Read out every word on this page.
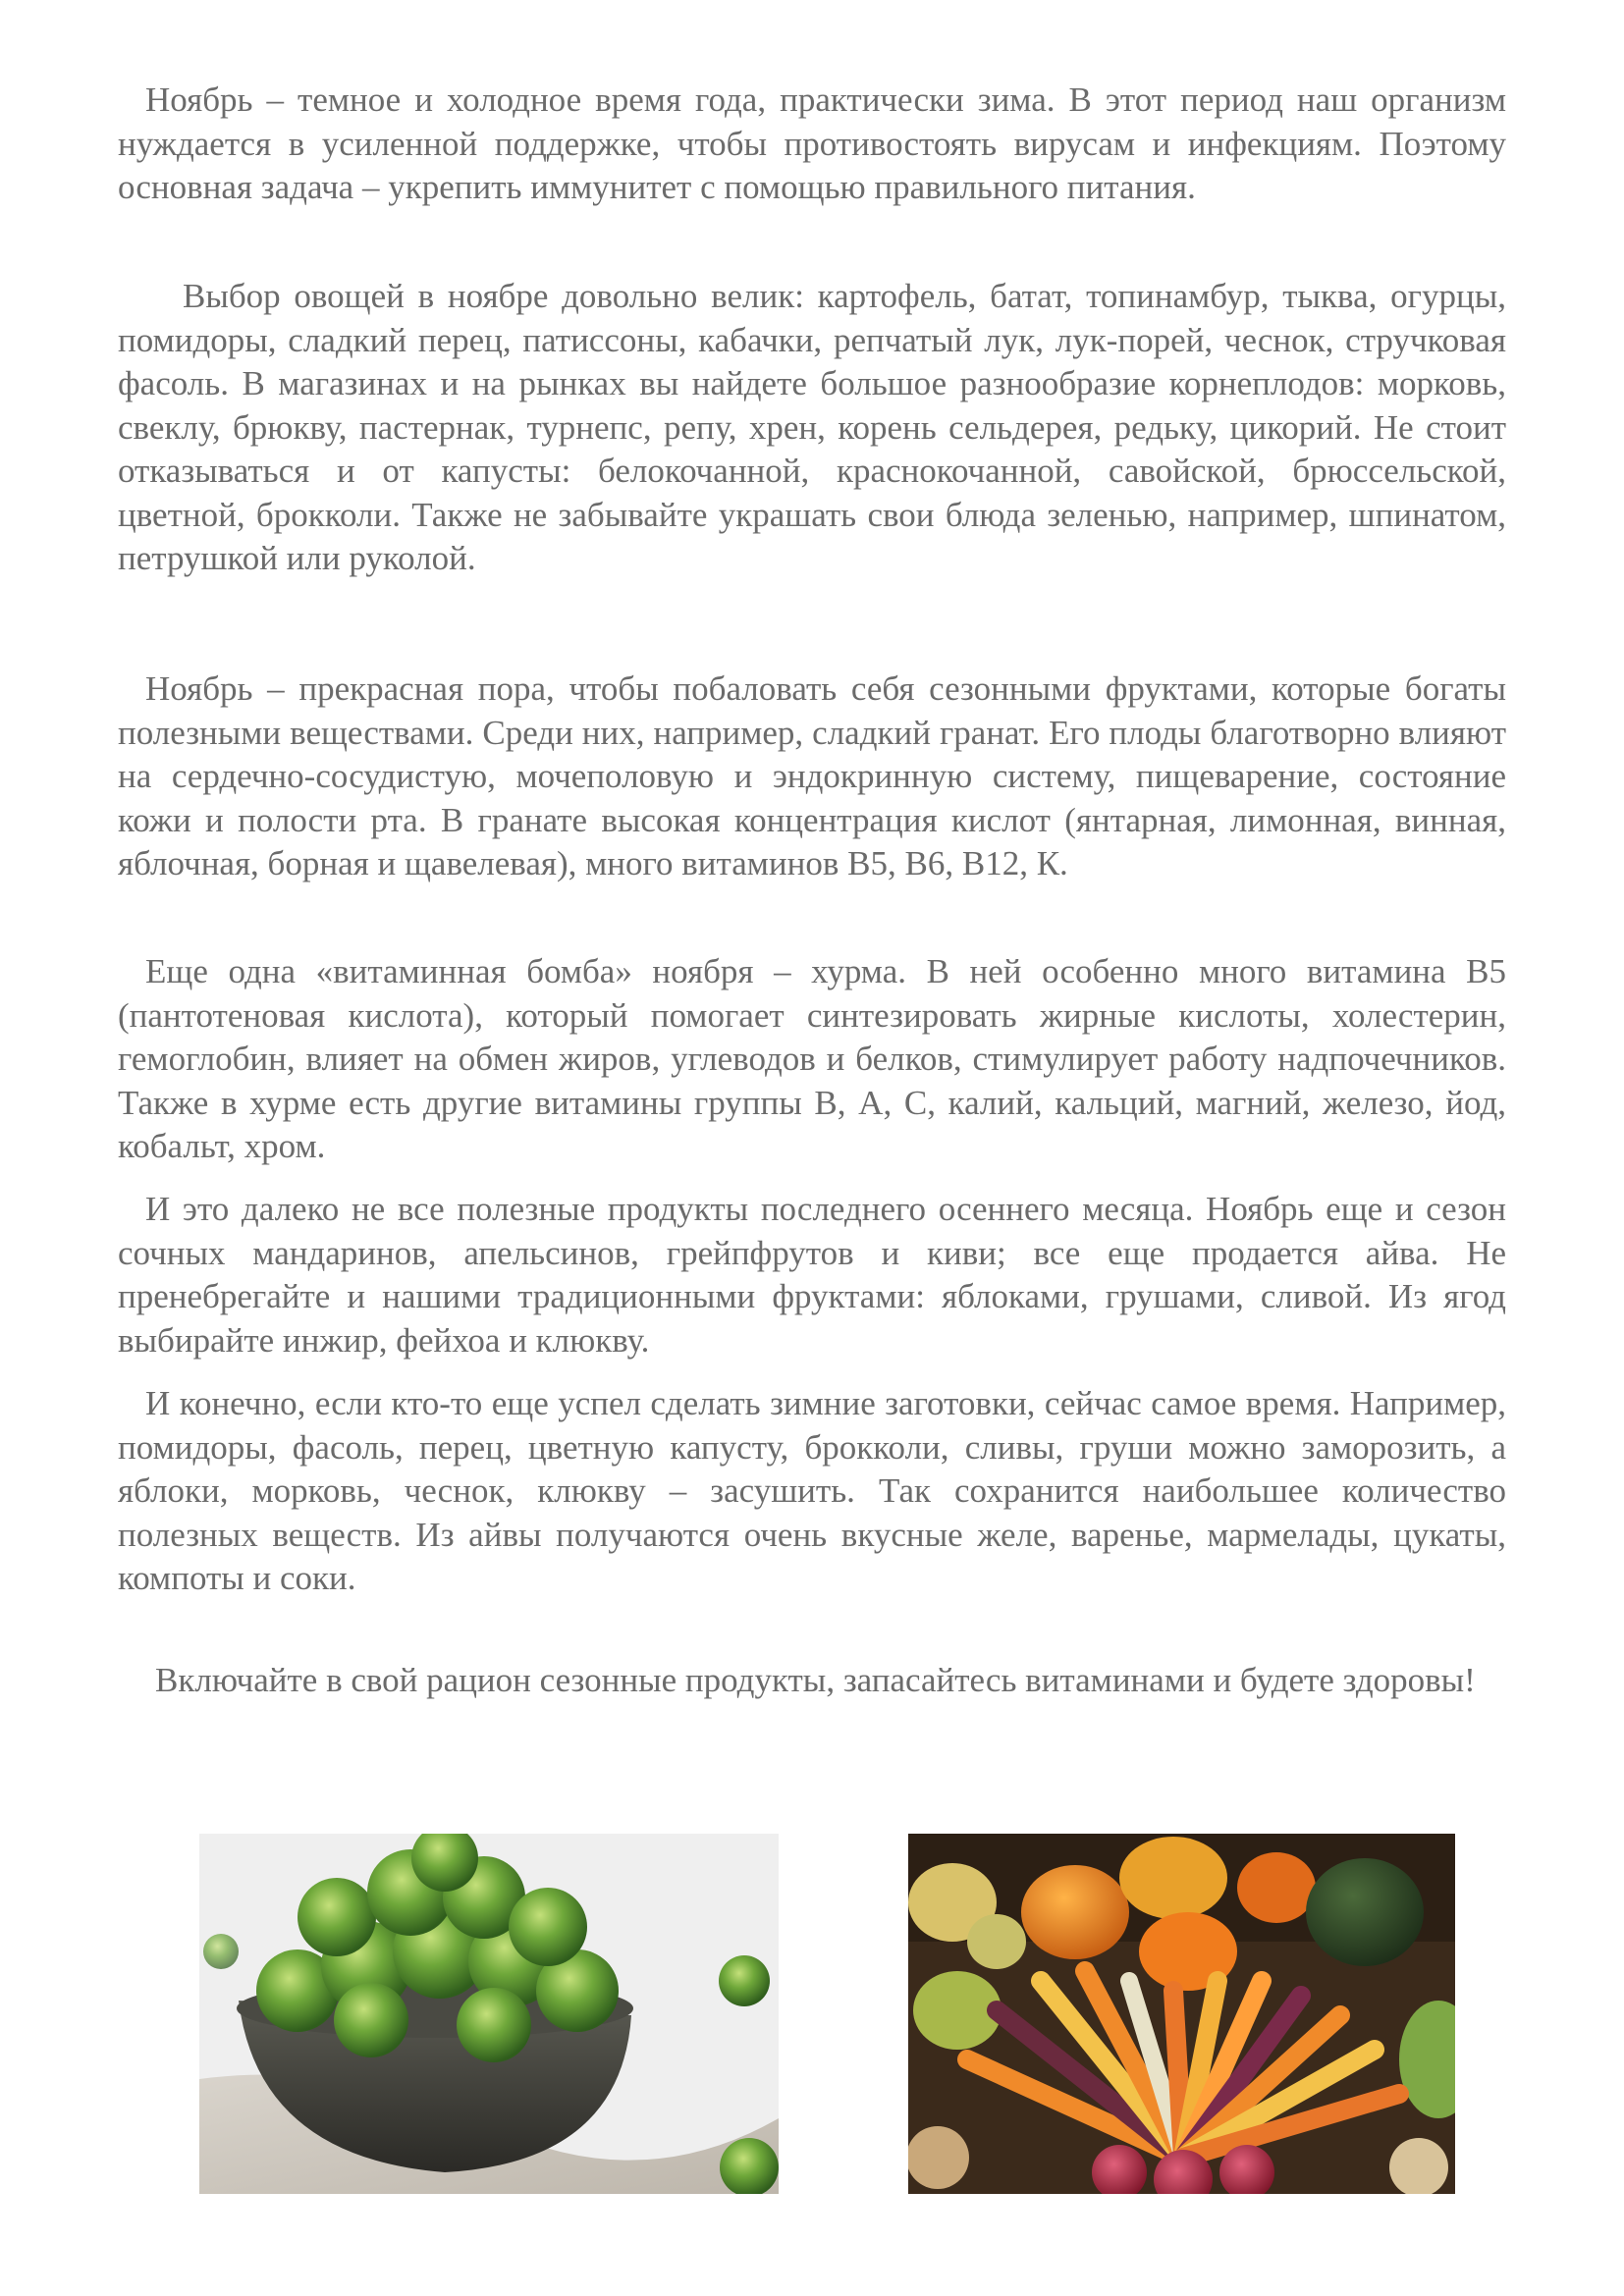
Ноябрь – темное и холодное время года, практически зима. В этот период наш организм нуждается в усиленной поддержке, чтобы противостоять вирусам и инфекциям. Поэтому основная задача – укрепить иммунитет с помощью правильного питания.

Выбор овощей в ноябре довольно велик: картофель, батат, топинамбур, тыква, огурцы, помидоры, сладкий перец, патиссоны, кабачки, репчатый лук, лук-порей, чеснок, стручковая фасоль. В магазинах и на рынках вы найдете большое разнообразие корнеплодов: морковь, свеклу, брюкву, пастернак, турнепс, репу, хрен, корень сельдерея, редьку, цикорий. Не стоит отказываться и от капусты: белокочанной, краснокочанной, савойской, брюссельской, цветной, брокколи. Также не забывайте украшать свои блюда зеленью, например, шпинатом, петрушкой или руколой.

Ноябрь – прекрасная пора, чтобы побаловать себя сезонными фруктами, которые богаты полезными веществами. Среди них, например, сладкий гранат. Его плоды благотворно влияют на сердечно-сосудистую, мочеполовую и эндокринную систему, пищеварение, состояние кожи и полости рта. В гранате высокая концентрация кислот (янтарная, лимонная, винная, яблочная, борная и щавелевая), много витаминов В5, В6, В12, К.

Еще одна «витаминная бомба» ноября – хурма. В ней особенно много витамина В5 (пантотеновая кислота), который помогает синтезировать жирные кислоты, холестерин, гемоглобин, влияет на обмен жиров, углеводов и белков, стимулирует работу надпочечников. Также в хурме есть другие витамины группы В, А, С, калий, кальций, магний, железо, йод, кобальт, хром.

И это далеко не все полезные продукты последнего осеннего месяца. Ноябрь еще и сезон сочных мандаринов, апельсинов, грейпфрутов и киви; все еще продается айва. Не пренебрегайте и нашими традиционными фруктами: яблоками, грушами, сливой. Из ягод выбирайте инжир, фейхоа и клюкву.

И конечно, если кто-то еще успел сделать зимние заготовки, сейчас самое время. Например, помидоры, фасоль, перец, цветную капусту, брокколи, сливы, груши можно заморозить, а яблоки, морковь, чеснок, клюкву – засушить. Так сохранится наибольшее количество полезных веществ. Из айвы получаются очень вкусные желе, варенье, мармелады, цукаты, компоты и соки.

Включайте в свой рацион сезонные продукты, запасайтесь витаминами и будете здоровы!
